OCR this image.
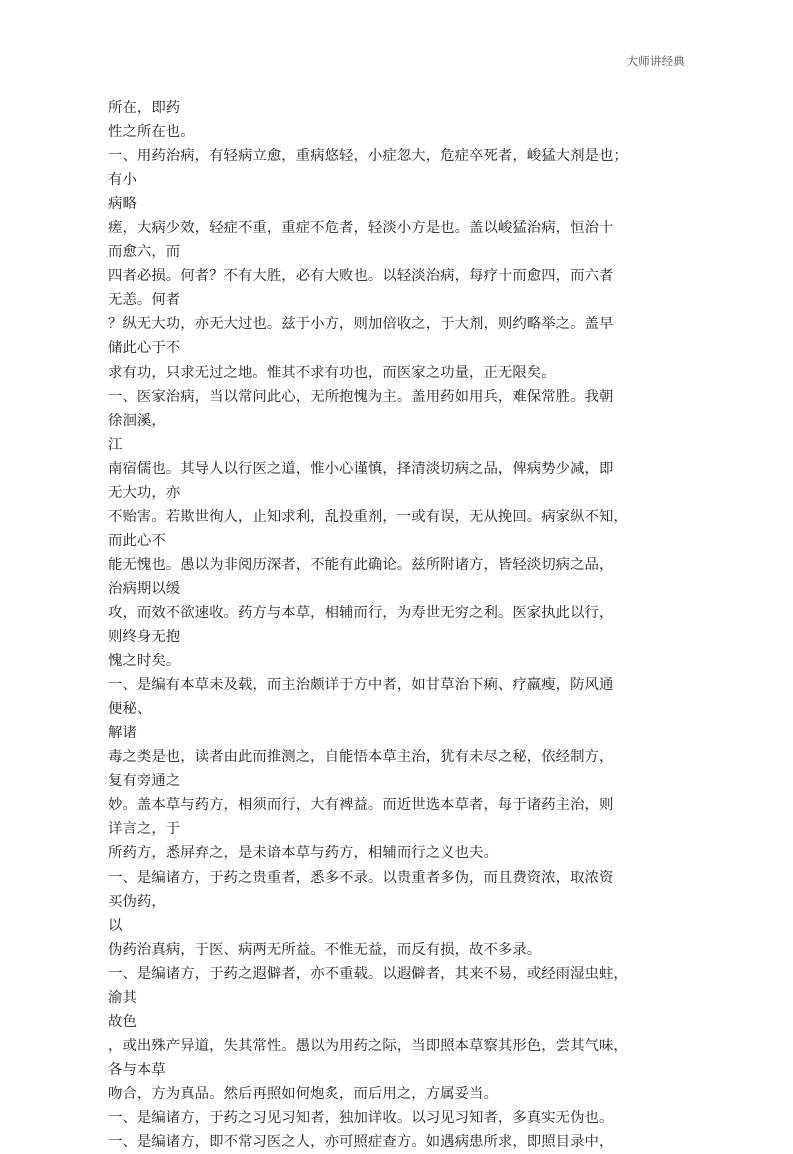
大师讲经典
所在，即药
性之所在也。
一、用药治病，有轻病立愈，重病悠轻，小症忽大，危症卒死者，峻猛大剂是也；
有小
病略
瘥，大病少效，轻症不重，重症不危者，轻淡小方是也。盖以峻猛治病，恒治十
而愈六，而
四者必损。何者？不有大胜，必有大败也。以轻淡治病，每疗十而愈四，而六者
无恙。何者
？纵无大功，亦无大过也。兹于小方，则加倍收之，于大剂，则约略举之。盖早
储此心于不
求有功，只求无过之地。惟其不求有功也，而医家之功量，正无限矣。
一、医家治病，当以常问此心，无所抱愧为主。盖用药如用兵，难保常胜。我朝
徐洄溪，
江
南宿儒也。其导人以行医之道，惟小心谨慎，择清淡切病之品，俾病势少减，即
无大功，亦
不贻害。若欺世徇人，止知求利，乱投重剂，一或有误，无从挽回。病家纵不知，
而此心不
能无愧也。愚以为非阅历深者，不能有此确论。兹所附诸方，皆轻淡切病之品，
治病期以缓
攻，而效不欲速收。药方与本草，相辅而行，为寿世无穷之利。医家执此以行，
则终身无抱
愧之时矣。
一、是编有本草未及载，而主治颇详于方中者，如甘草治下痢、疗羸瘦，防风通
便秘、
解诸
毒之类是也，读者由此而推测之，自能悟本草主治，犹有未尽之秘，依经制方，
复有旁通之
妙。盖本草与药方，相须而行，大有裨益。而近世选本草者，每于诸药主治，则
详言之，于
所药方，悉屏弃之，是未谙本草与药方，相辅而行之义也夫。
一、是编诸方，于药之贵重者，悉多不录。以贵重者多伪，而且费资浓，取浓资
买伪药，
以
伪药治真病，于医、病两无所益。不惟无益，而反有损，故不多录。
一、是编诸方，于药之遐僻者，亦不重载。以遐僻者，其来不易，或经雨湿虫蛀，
渝其
故色
，或出殊产异道，失其常性。愚以为用药之际，当即照本草察其形色，尝其气味，
各与本草
吻合，方为真品。然后再照如何炮炙，而后用之，方属妥当。
一、是编诸方，于药之习见习知者，独加详收。以习见习知者，多真实无伪也。
一、是编诸方，即不常习医之人，亦可照症查方。如遇病患所求，即照目录中，
